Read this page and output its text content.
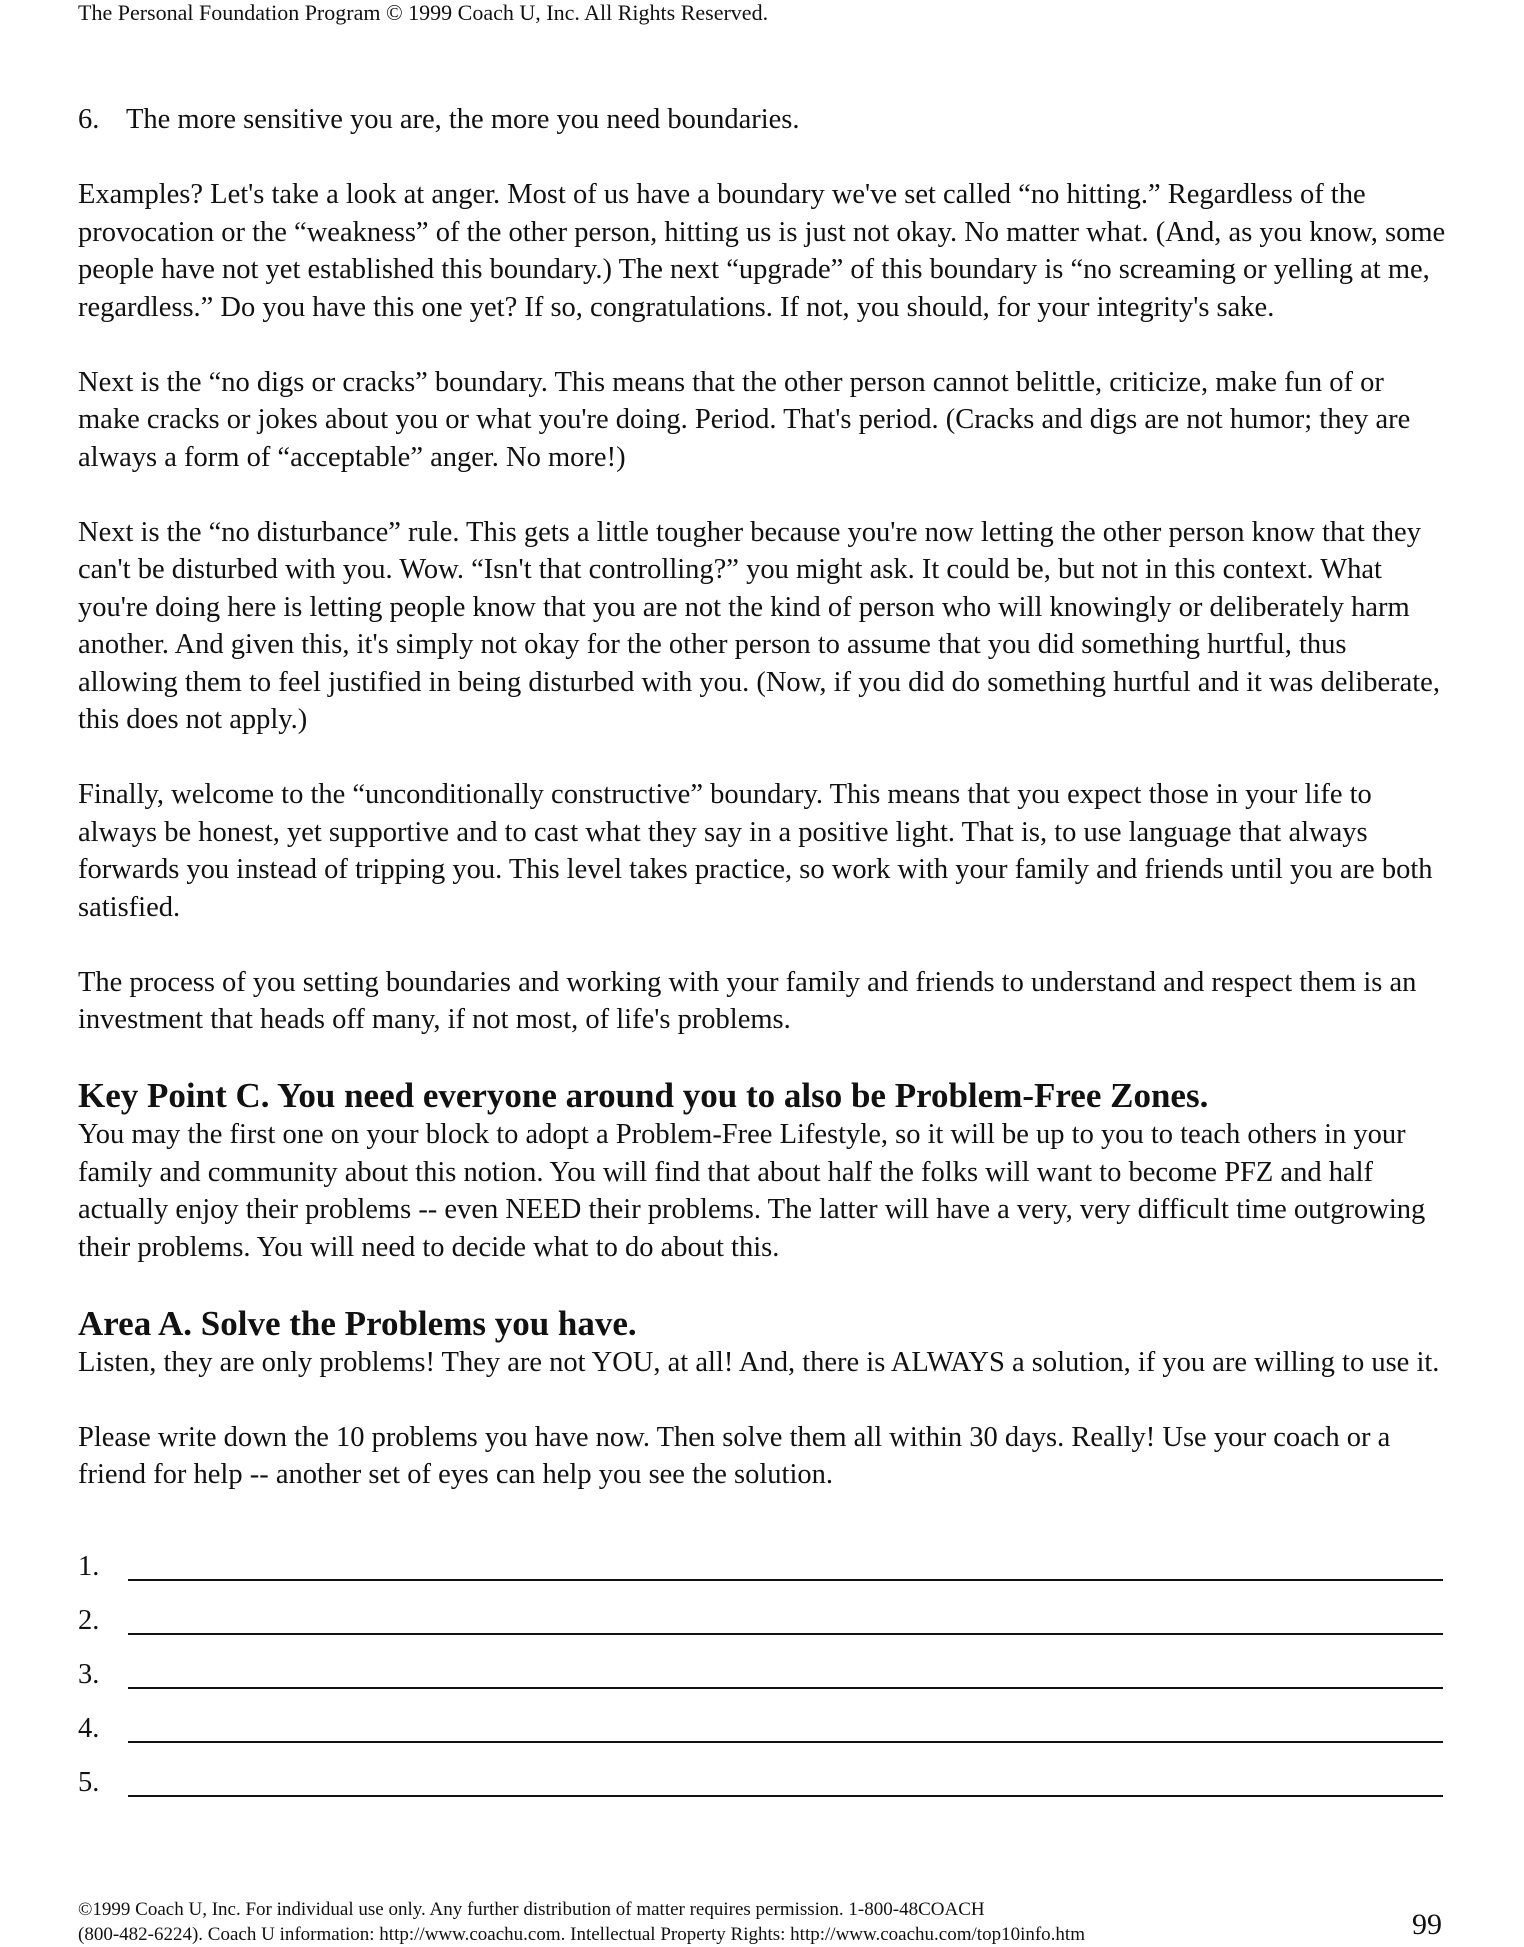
The Personal Foundation Program © 1999 Coach U, Inc. All Rights Reserved.

6. The more sensitive you are, the more you need boundaries.

Examples? Let's take a look at anger. Most of us have a boundary we've set called “no hitting.” Regardless of the provocation or the “weakness” of the other person, hitting us is just not okay. No matter what. (And, as you know, some people have not yet established this boundary.) The next “upgrade” of this boundary is “no screaming or yelling at me, regardless.” Do you have this one yet? If so, congratulations. If not, you should, for your integrity's sake.

Next is the “no digs or cracks” boundary. This means that the other person cannot belittle, criticize, make fun of or make cracks or jokes about you or what you're doing. Period. That's period. (Cracks and digs are not humor; they are always a form of “acceptable” anger. No more!)

Next is the “no disturbance” rule. This gets a little tougher because you're now letting the other person know that they can't be disturbed with you. Wow. “Isn't that controlling?” you might ask. It could be, but not in this context. What you're doing here is letting people know that you are not the kind of person who will knowingly or deliberately harm another. And given this, it's simply not okay for the other person to assume that you did something hurtful, thus allowing them to feel justified in being disturbed with you. (Now, if you did do something hurtful and it was deliberate, this does not apply.)

Finally, welcome to the “unconditionally constructive” boundary. This means that you expect those in your life to always be honest, yet supportive and to cast what they say in a positive light. That is, to use language that always forwards you instead of tripping you. This level takes practice, so work with your family and friends until you are both satisfied.

The process of you setting boundaries and working with your family and friends to understand and respect them is an investment that heads off many, if not most, of life's problems.

Key Point C. You need everyone around you to also be Problem-Free Zones.

You may the first one on your block to adopt a Problem-Free Lifestyle, so it will be up to you to teach others in your family and community about this notion. You will find that about half the folks will want to become PFZ and half actually enjoy their problems -- even NEED their problems. The latter will have a very, very difficult time outgrowing their problems. You will need to decide what to do about this.

Area A. Solve the Problems you have.

Listen, they are only problems! They are not YOU, at all! And, there is ALWAYS a solution, if you are willing to use it.

Please write down the 10 problems you have now. Then solve them all within 30 days. Really! Use your coach or a friend for help -- another set of eyes can help you see the solution.

1.
2.
3.
4.
5.
©1999 Coach U, Inc. For individual use only. Any further distribution of matter requires permission. 1-800-48COACH
(800-482-6224). Coach U information: http://www.coachu.com. Intellectual Property Rights: http://www.coachu.com/top10info.htm	99
